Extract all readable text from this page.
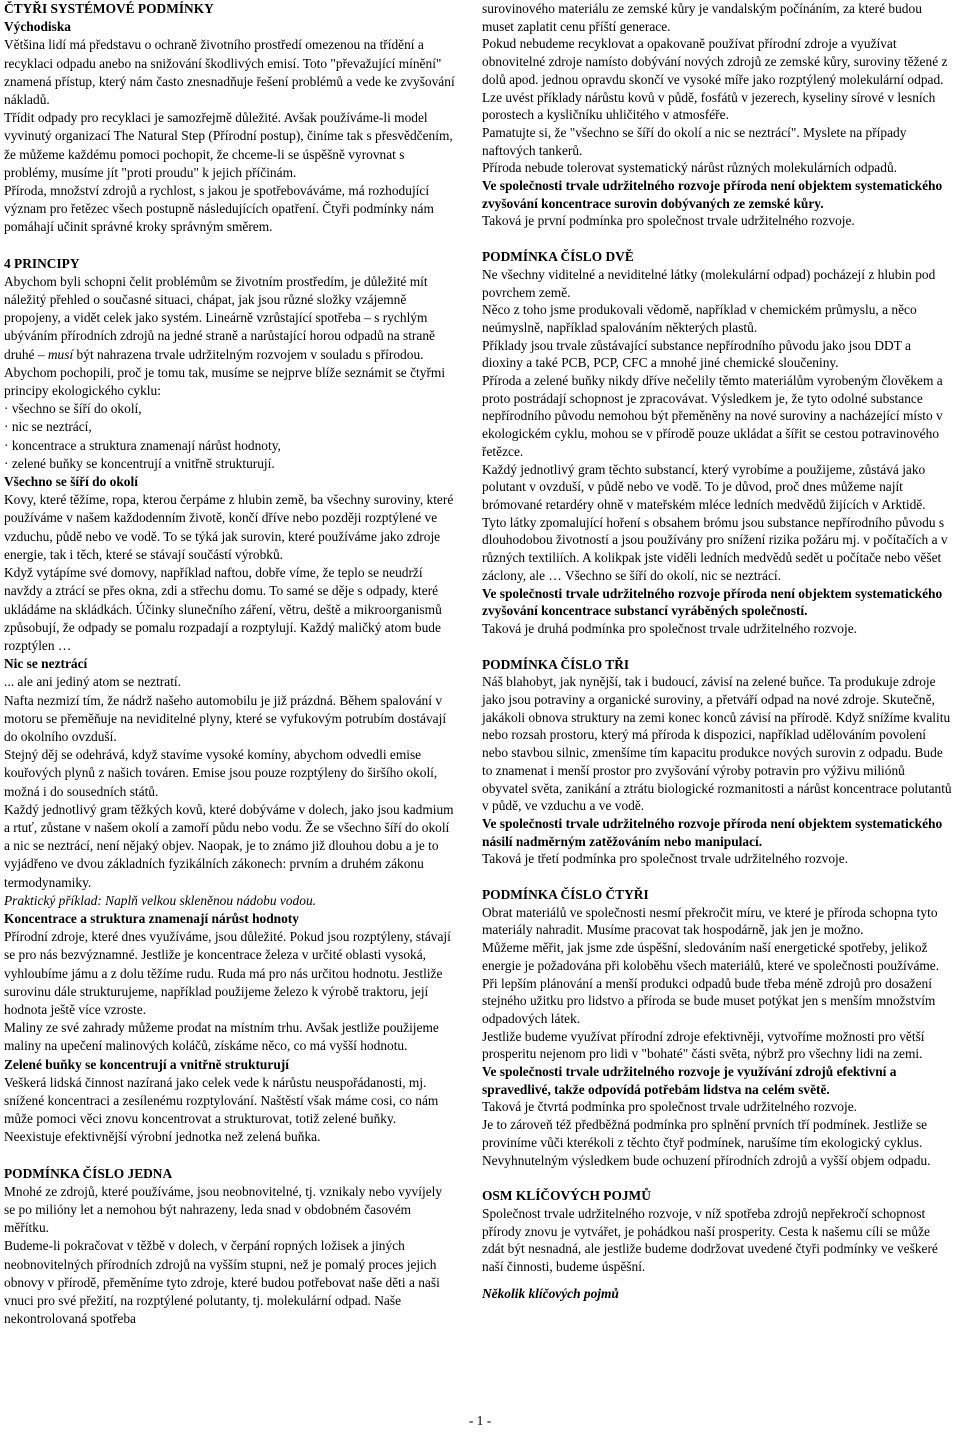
ČTYŘI SYSTÉMOVÉ PODMÍNKY
Východiska

Většina lidí má představu o ochraně životního prostředí omezenou na třídění a recyklaci odpadu anebo na snižování škodlivých emisí. Toto "převažující mínění" znamená přístup, který nám často znesnadňuje řešení problémů a vede ke zvyšování nákladů.

Třídit odpady pro recyklaci je samozřejmě důležité. Avšak používáme-li model vyvinutý organizací The Natural Step (Přírodní postup), činíme tak s přesvědčením, že můžeme každému pomoci pochopit, že chceme-li se úspěšně vyrovnat s problémy, musíme jít "proti proudu" k jejich příčinám.

Příroda, množství zdrojů a rychlost, s jakou je spotřebováváme, má rozhodující význam pro řetězec všech postupně následujících opatření. Čtyři podmínky nám pomáhají učinit správné kroky správným směrem.

4 PRINCIPY

Abychom byli schopni čelit problémům se životním prostředím, je důležité mít náležitý přehled o současné situaci, chápat, jak jsou různé složky vzájemně propojeny, a vidět celek jako systém. Lineárně vzrůstající spotřeba – s rychlým ubýváním přírodních zdrojů na jedné straně a narůstající horou odpadů na straně druhé – musí být nahrazena trvale udržitelným rozvojem v souladu s přírodou. Abychom pochopili, proč je tomu tak, musíme se nejprve blíže seznámit se čtyřmi principy ekologického cyklu:

· všechno se šíří do okolí,
· nic se neztrácí,
· koncentrace a struktura znamenají nárůst hodnoty,
· zelené buňky se koncentrují a vnitřně strukturují.
Všechno se šíří do okolí

Kovy, které těžíme, ropa, kterou čerpáme z hlubin země, ba všechny suroviny, které používáme v našem každodenním životě, končí dříve nebo později rozptýlené ve vzduchu, půdě nebo ve vodě. To se týká jak surovin, které používáme jako zdroje energie, tak i těch, které se stávají součástí výrobků.

Když vytápíme své domovy, například naftou, dobře víme, že teplo se neudrží navždy a ztrácí se přes okna, zdi a střechu domu. To samé se děje s odpady, které ukládáme na skládkách. Účinky slunečního záření, větru, deště a mikroorganismů způsobují, že odpady se pomalu rozpadají a rozptylují. Každý maličký atom bude rozptýlen …

Nic se neztrácí

... ale ani jediný atom se neztratí.

Nafta nezmizí tím, že nádrž našeho automobilu je již prázdná. Během spalování v motoru se přeměňuje na neviditelné plyny, které se vyfukovým potrubím dostávají do okolního ovzduší.

Stejný děj se odehrává, když stavíme vysoké komíny, abychom odvedli emise kouřových plynů z našich továren. Emise jsou pouze rozptýleny do širšího okolí, možná i do sousedních států.

Každý jednotlivý gram těžkých kovů, které dobýváme v dolech, jako jsou kadmium a rtuť, zůstane v našem okolí a zamoří půdu nebo vodu. Že se všechno šíří do okolí a nic se neztrácí, není nějaký objev. Naopak, je to známo již dlouhou dobu a je to vyjádřeno ve dvou základních fyzikálních zákonech: prvním a druhém zákonu termodynamiky.

Praktický příklad: Naplň velkou skleněnou nádobu vodou.

Koncentrace a struktura znamenají nárůst hodnoty

Přírodní zdroje, které dnes využíváme, jsou důležité. Pokud jsou rozptýleny, stávají se pro nás bezvýznamné. Jestliže je koncentrace železa v určité oblasti vysoká, vyhloubíme jámu a z dolu těžíme rudu. Ruda má pro nás určitou hodnotu. Jestliže surovinu dále strukturujeme, například použijeme železo k výrobě traktoru, její hodnota ještě více vzroste.

Maliny ze své zahrady můžeme prodat na místním trhu. Avšak jestliže použijeme maliny na upečení malinových koláčů, získáme něco, co má vyšší hodnotu.

Zelené buňky se koncentrují a vnitřně strukturují

Veškerá lidská činnost nazíraná jako celek vede k nárůstu neuspořádanosti, mj. snížené koncentraci a zesílenému rozptylování. Naštěstí však máme cosi, co nám může pomoci věci znovu koncentrovat a strukturovat, totiž zelené buňky. Neexistuje efektivnější výrobní jednotka než zelená buňka.

PODMÍNKA ČÍSLO JEDNA

Mnohé ze zdrojů, které používáme, jsou neobnovitelné, tj. vznikaly nebo vyvíjely se po milióny let a nemohou být nahrazeny, leda snad v obdobném časovém měřítku.

Budeme-li pokračovat v těžbě v dolech, v čerpání ropných ložisek a jiných neobnovitelných přírodních zdrojů na vyšším stupni, než je pomalý proces jejich obnovy v přírodě, přeměníme tyto zdroje, které budou potřebovat naše děti a naši vnuci pro své přežití, na rozptýlené polutanty, tj. molekulární odpad. Naše nekontrolovaná spotřeba

surovinového materiálu ze zemské kůry je vandalským počínáním, za které budou muset zaplatit cenu příští generace.

Pokud nebudeme recyklovat a opakovaně používat přírodní zdroje a využívat obnovitelné zdroje namísto dobývání nových zdrojů ze zemské kůry, suroviny těžené z dolů apod. jednou opravdu skončí ve vysoké míře jako rozptýlený molekulární odpad.

Lze uvést příklady nárůstu kovů v půdě, fosfátů v jezerech, kyseliny sírové v lesních porostech a kysličníku uhličitého v atmosféře.

Pamatujte si, že "všechno se šíří do okolí a nic se neztrácí". Myslete na případy naftových tankerů.

Příroda nebude tolerovat systematický nárůst různých molekulárních odpadů.

Ve společnosti trvale udržitelného rozvoje příroda není objektem systematického zvyšování koncentrace surovin dobývaných ze zemské kůry.

Taková je první podmínka pro společnost trvale udržitelného rozvoje.

PODMÍNKA ČÍSLO DVĚ

Ne všechny viditelné a neviditelné látky (molekulární odpad) pocházejí z hlubin pod povrchem země.

Něco z toho jsme produkovali vědomě, například v chemickém průmyslu, a něco neúmyslně, například spalováním některých plastů.

Příklady jsou trvale zůstávající substance nepřírodního původu jako jsou DDT a dioxiny a také PCB, PCP, CFC a mnohé jiné chemické sloučeniny.

Příroda a zelené buňky nikdy dříve nečelily těmto materiálům vyrobeným člověkem a proto postrádají schopnost je zpracovávat. Výsledkem je, že tyto odolné substance nepřírodního původu nemohou být přeměněny na nové suroviny a nacházející místo v ekologickém cyklu, mohou se v přírodě pouze ukládat a šířit se cestou potravinového řetězce.

Každý jednotlivý gram těchto substancí, který vyrobíme a použijeme, zůstává jako polutant v ovzduší, v půdě nebo ve vodě. To je důvod, proč dnes můžeme najít brómované retardéry ohně v mateřském mléce ledních medvědů žijících v Arktidě. Tyto látky zpomalující hoření s obsahem brómu jsou substance nepřírodního původu s dlouhodobou životností a jsou používány pro snížení rizika požáru mj. v počítačích a v různých textiliích. A kolikpak jste viděli ledních medvědů sedět u počítače nebo věšet záclony, ale … Všechno se šíří do okolí, nic se neztrácí.

Ve společnosti trvale udržitelného rozvoje příroda není objektem systematického zvyšování koncentrace substancí vyráběných společností.

Taková je druhá podmínka pro společnost trvale udržitelného rozvoje.

PODMÍNKA ČÍSLO TŘI

Náš blahobyt, jak nynější, tak i budoucí, závisí na zelené buňce. Ta produkuje zdroje jako jsou potraviny a organické suroviny, a přetváří odpad na nové zdroje. Skutečně, jakákoli obnova struktury na zemi konec konců závisí na přírodě. Když snížíme kvalitu nebo rozsah prostoru, který má příroda k dispozici, například udělováním povolení nebo stavbou silnic, zmenšíme tím kapacitu produkce nových surovin z odpadu. Bude to znamenat i menší prostor pro zvyšování výroby potravin pro výživu miliónů obyvatel světa, zanikání a ztrátu biologické rozmanitosti a nárůst koncentrace polutantů v půdě, ve vzduchu a ve vodě.

Ve společnosti trvale udržitelného rozvoje příroda není objektem systematického násilí nadměrným zatěžováním nebo manipulací.

Taková je třetí podmínka pro společnost trvale udržitelného rozvoje.

PODMÍNKA ČÍSLO ČTYŘI

Obrat materiálů ve společnosti nesmí překročit míru, ve které je příroda schopna tyto materiály nahradit. Musíme pracovat tak hospodárně, jak jen je možno.

Můžeme měřit, jak jsme zde úspěšní, sledováním naší energetické spotřeby, jelikož energie je požadována při koloběhu všech materiálů, které ve společnosti používáme.

Při lepším plánování a menší produkci odpadů bude třeba méně zdrojů pro dosažení stejného užitku pro lidstvo a příroda se bude muset potýkat jen s menším množstvím odpadových látek.

Jestliže budeme využívat přírodní zdroje efektivněji, vytvoříme možnosti pro větší prosperitu nejenom pro lidi v "bohaté" části světa, nýbrž pro všechny lidi na zemi.

Ve společnosti trvale udržitelného rozvoje je využívání zdrojů efektivní a spravedlivé, takže odpovídá potřebám lidstva na celém světě.

Taková je čtvrtá podmínka pro společnost trvale udržitelného rozvoje.

Je to zároveň též předběžná podmínka pro splnění prvních tří podmínek. Jestliže se proviníme vůči kterékoli z těchto čtyř podmínek, narušíme tím ekologický cyklus. Nevyhnutelným výsledkem bude ochuzení přírodních zdrojů a vyšší objem odpadu.

OSM KLÍČOVÝCH POJMŮ

Společnost trvale udržitelného rozvoje, v níž spotřeba zdrojů nepřekročí schopnost přírody znovu je vytvářet, je pohádkou naší prosperity. Cesta k našemu cíli se může zdát být nesnadná, ale jestliže budeme dodržovat uvedené čtyři podmínky ve veškeré naší činnosti, budeme úspěšní.

Několik klíčových pojmů

- 1 -
